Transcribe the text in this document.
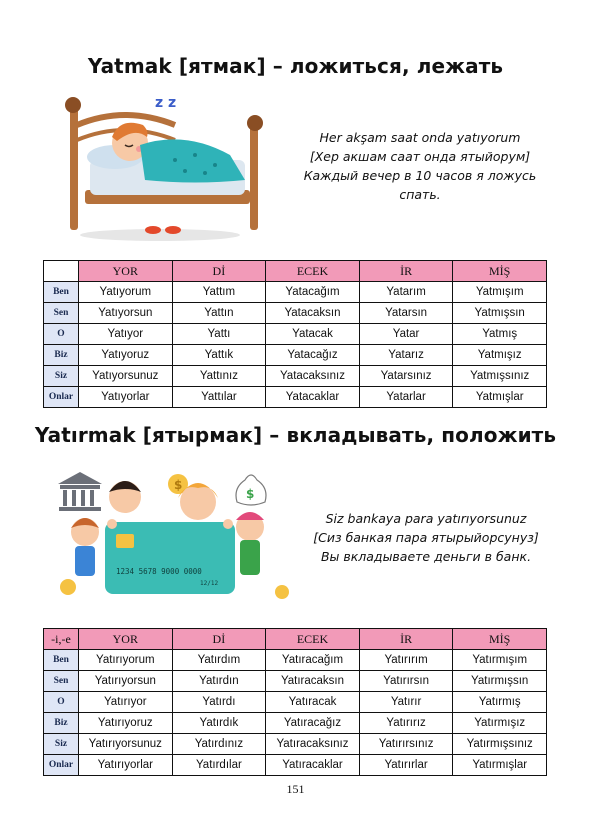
Yatmak [ятмак] – ложиться, лежать
z z
Her akşam saat onda yatıyorum
[Хер акшам саат онда ятыйорум]
Каждый вечер в 10 часов я ложусь
спать.
	YOR	Dİ	ECEK	İR	MİŞ
Ben	Yatıyorum	Yattım	Yatacağım	Yatarım	Yatmışım
Sen	Yatıyorsun	Yattın	Yatacaksın	Yatarsın	Yatmışsın
O	Yatıyor	Yattı	Yatacak	Yatar	Yatmış
Biz	Yatıyoruz	Yattık	Yatacağız	Yatarız	Yatmışız
Siz	Yatıyorsunuz	Yattınız	Yatacaksınız	Yatarsınız	Yatmışsınız
Onlar	Yatıyorlar	Yattılar	Yatacaklar	Yatarlar	Yatmışlar
Yatırmak [ятырмак] – вкладывать, положить
$
$
1234 5678 9000 0000
12/12
Siz bankaya para yatırıyorsunuz
[Сиз банкая пара ятырыйорсунуз]
Вы вкладываете деньги в банк.
-i,-e	YOR	Dİ	ECEK	İR	MİŞ
Ben	Yatırıyorum	Yatırdım	Yatıracağım	Yatırırım	Yatırmışım
Sen	Yatırıyorsun	Yatırdın	Yatıracaksın	Yatırırsın	Yatırmışsın
O	Yatırıyor	Yatırdı	Yatıracak	Yatırır	Yatırmış
Biz	Yatırıyoruz	Yatırdık	Yatıracağız	Yatırırız	Yatırmışız
Siz	Yatırıyorsunuz	Yatırdınız	Yatıracaksınız	Yatırırsınız	Yatırmışsınız
Onlar	Yatırıyorlar	Yatırdılar	Yatıracaklar	Yatırırlar	Yatırmışlar
151
